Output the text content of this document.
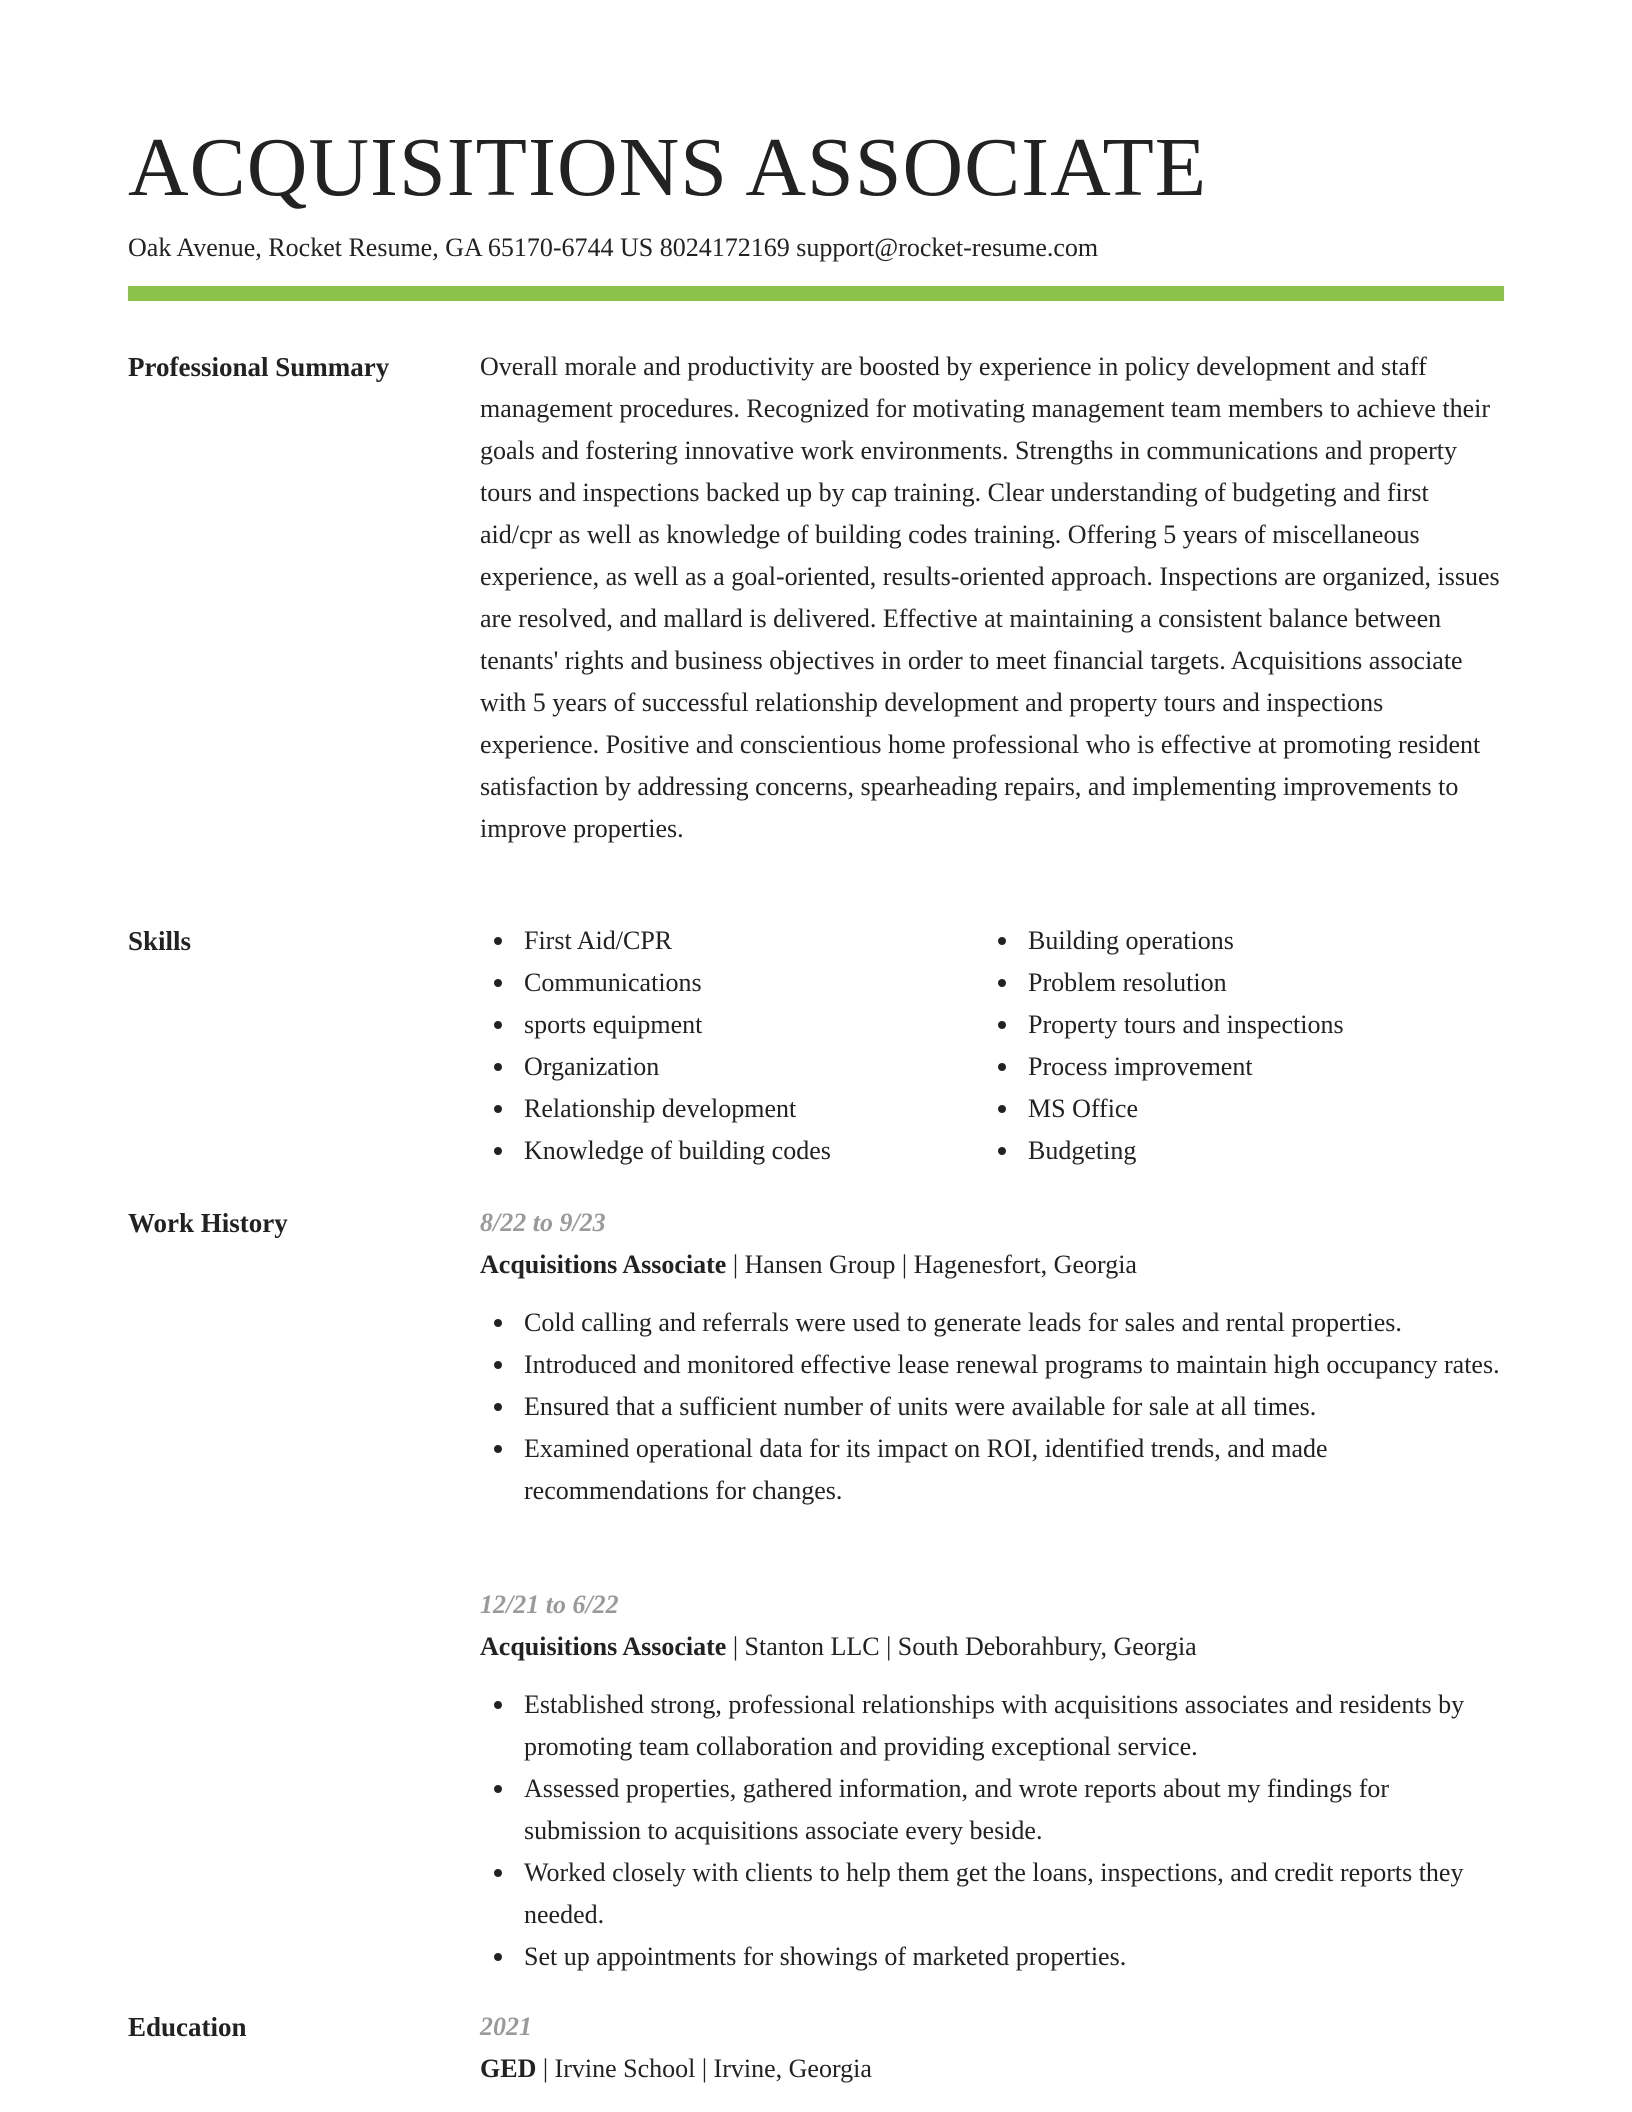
ACQUISITIONS ASSOCIATE
Oak Avenue, Rocket Resume, GA 65170-6744 US 8024172169 support@rocket-resume.com
Professional Summary	Overall morale and productivity are boosted by experience in policy development and staff management procedures. Recognized for motivating management team members to achieve their goals and fostering innovative work environments. Strengths in communications and property tours and inspections backed up by cap training. Clear understanding of budgeting and first aid/cpr as well as knowledge of building codes training. Offering 5 years of miscellaneous experience, as well as a goal-oriented, results-oriented approach. Inspections are organized, issues are resolved, and mallard is delivered. Effective at maintaining a consistent balance between tenants' rights and business objectives in order to meet financial targets. Acquisitions associate with 5 years of successful relationship development and property tours and inspections experience. Positive and conscientious home professional who is effective at promoting resident satisfaction by addressing concerns, spearheading repairs, and implementing improvements to improve properties.

Skills	First Aid/CPR
Communications
sports equipment
Organization
Relationship development
Knowledge of building codes
Building operations
Problem resolution
Property tours and inspections
Process improvement
MS Office
Budgeting
Work History	8/22 to 9/23
Acquisitions Associate | Hansen Group | Hagenesfort, Georgia
Cold calling and referrals were used to generate leads for sales and rental properties.
Introduced and monitored effective lease renewal programs to maintain high occupancy rates.
Ensured that a sufficient number of units were available for sale at all times.
Examined operational data for its impact on ROI, identified trends, and made recommendations for changes.
12/21 to 6/22
Acquisitions Associate | Stanton LLC | South Deborahbury, Georgia
Established strong, professional relationships with acquisitions associates and residents by promoting team collaboration and providing exceptional service.
Assessed properties, gathered information, and wrote reports about my findings for submission to acquisitions associate every beside.
Worked closely with clients to help them get the loans, inspections, and credit reports they needed.
Set up appointments for showings of marketed properties.
Education	2021
GED | Irvine School | Irvine, Georgia
